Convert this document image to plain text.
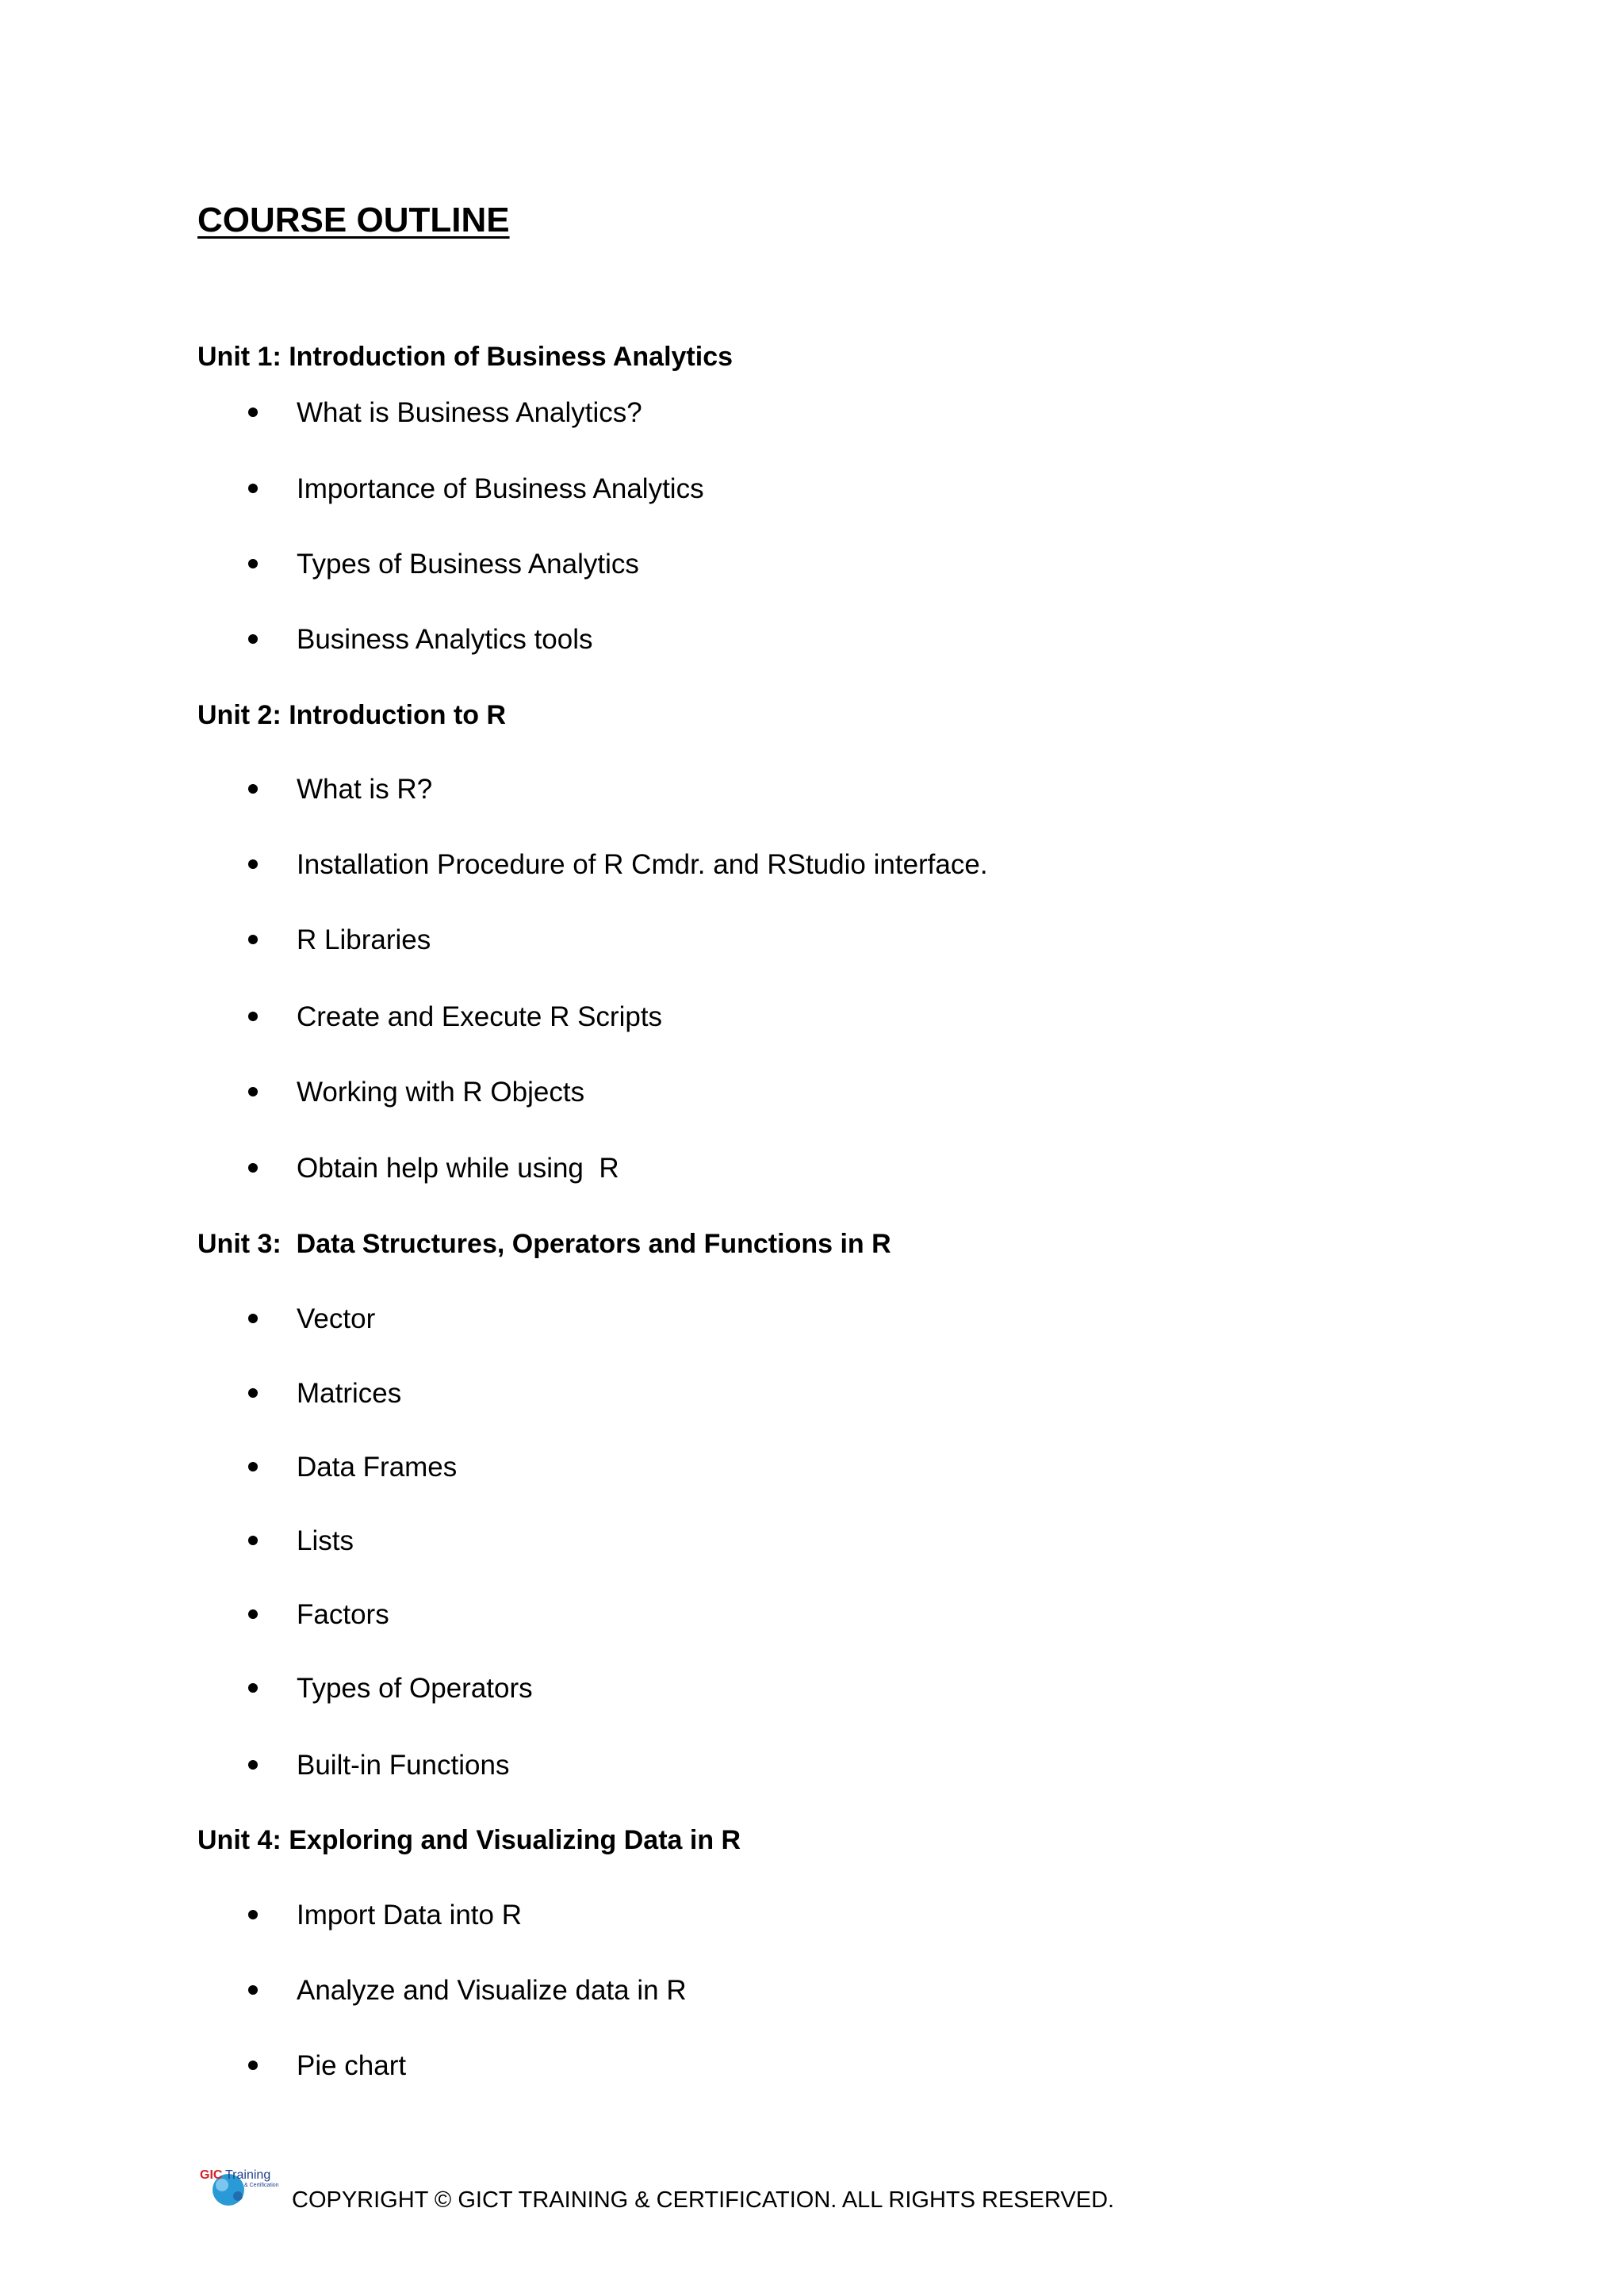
COURSE OUTLINE
Unit 1: Introduction of Business Analytics
What is Business Analytics?
Importance of Business Analytics
Types of Business Analytics
Business Analytics tools
Unit 2: Introduction to R
What is R?
Installation Procedure of R Cmdr. and RStudio interface.
R Libraries
Create and Execute R Scripts
Working with R Objects
Obtain help while using  R
Unit 3:  Data Structures, Operators and Functions in R
Vector
Matrices
Data Frames
Lists
Factors
Types of Operators
Built-in Functions
Unit 4: Exploring and Visualizing Data in R
Import Data into R
Analyze and Visualize data in R
Pie chart
GIC Training
& Certification
COPYRIGHT © GICT TRAINING & CERTIFICATION. ALL RIGHTS RESERVED.
